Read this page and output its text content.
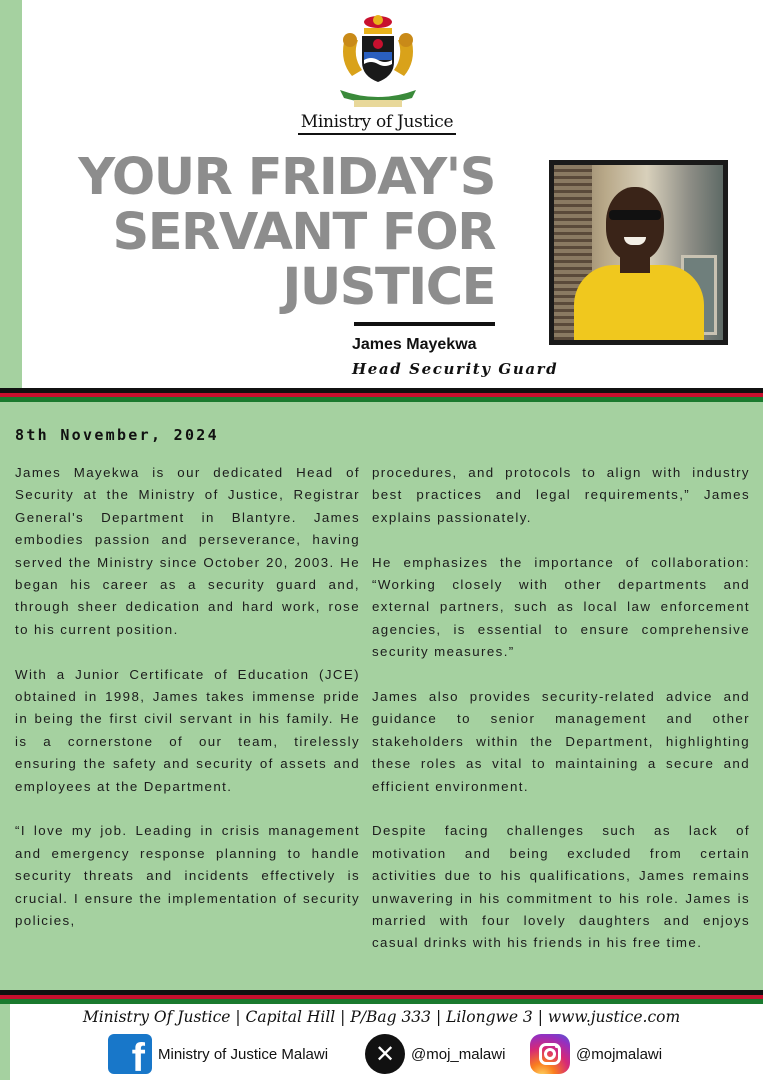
Ministry of Justice
YOUR FRIDAY'S
SERVANT FOR
JUSTICE
James Mayekwa
Head Security Guard
8th November, 2024

James Mayekwa is our dedicated Head of Security at the Ministry of Justice, Registrar General's Department in Blantyre. James embodies passion and perseverance, having served the Ministry since October 20, 2003. He began his career as a security guard and, through sheer dedication and hard work, rose to his current position.

With a Junior Certificate of Education (JCE) obtained in 1998, James takes immense pride in being the first civil servant in his family. He is a cornerstone of our team, tirelessly ensuring the safety and security of assets and employees at the Department.

“I love my job. Leading in crisis management and emergency response planning to handle security threats and incidents effectively is crucial. I ensure the implementation of security policies,

procedures, and protocols to align with industry best practices and legal requirements,” James explains passionately.

He emphasizes the importance of collaboration: “Working closely with other departments and external partners, such as local law enforcement agencies, is essential to ensure comprehensive security measures.”

James also provides security-related advice and guidance to senior management and other stakeholders within the Department, highlighting these roles as vital to maintaining a secure and efficient environment.

Despite facing challenges such as lack of motivation and being excluded from certain activities due to his qualifications, James remains unwavering in his commitment to his role. James is married with four lovely daughters and enjoys casual drinks with his friends in his free time.

Ministry Of Justice | Capital Hill | P/Bag 333 | Lilongwe 3 | www.justice.com
f Ministry of Justice Malawi	✕	@moj_malawi	@mojmalawi
